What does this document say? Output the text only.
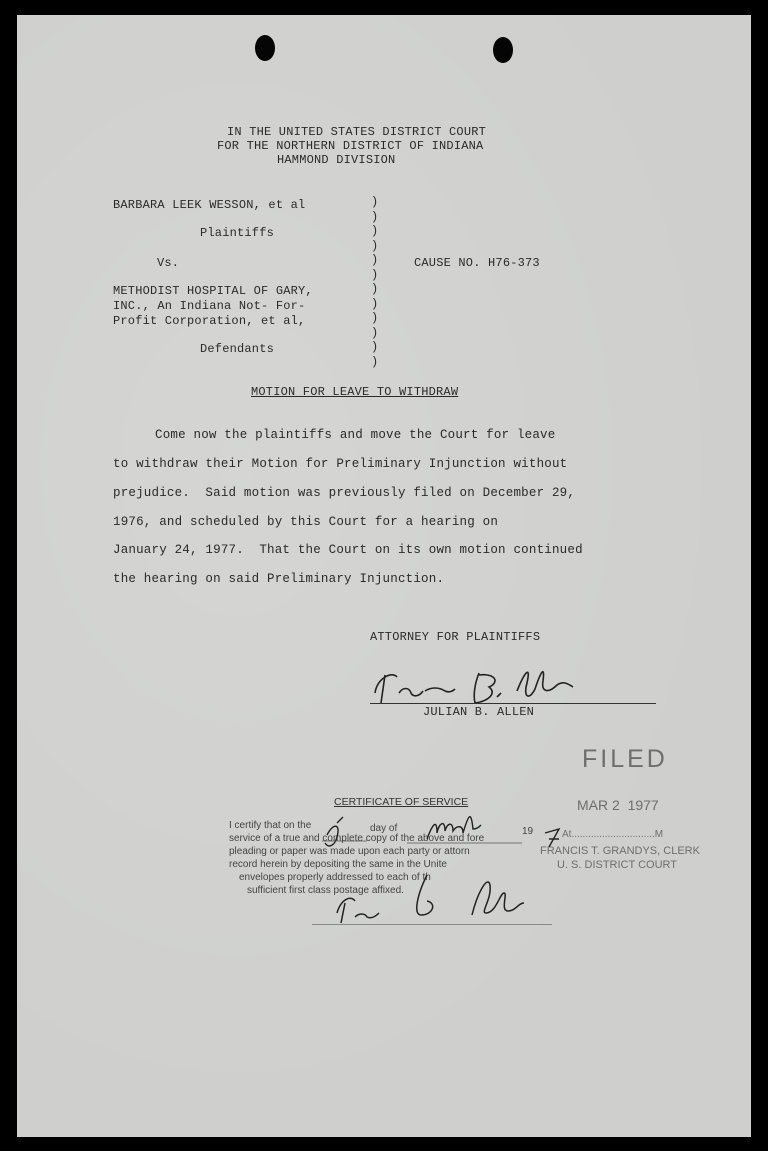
IN THE UNITED STATES DISTRICT COURT
FOR THE NORTHERN DISTRICT OF INDIANA
HAMMOND DIVISION
BARBARA LEEK WESSON, et al
Plaintiffs
Vs.
METHODIST HOSPITAL OF GARY,
INC., An Indiana Not- For-
Profit Corporation, et al,
Defendants
)
)
)
)
)
)
)
)
)
)
)
)
CAUSE NO. H76-373
MOTION FOR LEAVE TO WITHDRAW
Come now the plaintiffs and move the Court for leave
to withdraw their Motion for Preliminary Injunction without
prejudice.  Said motion was previously filed on December 29,
1976, and scheduled by this Court for a hearing on
January 24, 1977.  That the Court on its own motion continued
the hearing on said Preliminary Injunction.
ATTORNEY FOR PLAINTIFFS
JULIAN B. ALLEN
FILED
MAR 2  1977
At..............................M
FRANCIS T. GRANDYS, CLERK
U. S. DISTRICT COURT
CERTIFICATE OF SERVICE
I certify that on the	day of	19
service of a true and complete copy of the above and fore
pleading or paper was made upon each party or attorn
record herein by depositing the same in the Unite
envelopes properly addressed to each of th
sufficient first class postage affixed.
